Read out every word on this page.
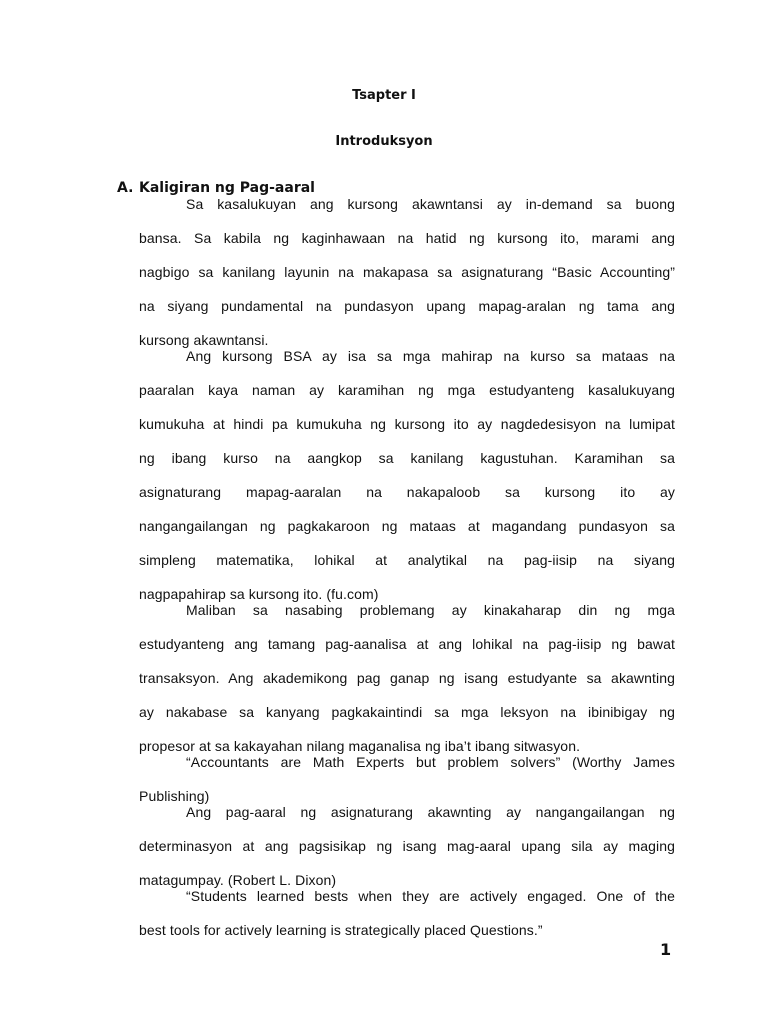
Tsapter I
Introduksyon
A. Kaligiran ng Pag-aaral

Sa kasalukuyan ang kursong akawntansi ay in-demand sa buong
bansa. Sa kabila ng kaginhawaan na hatid ng kursong ito, marami ang
nagbigo sa kanilang layunin na makapasa sa asignaturang “Basic Accounting”
na siyang pundamental na pundasyon upang mapag-aralan ng tama ang
kursong akawntansi.

Ang kursong BSA ay isa sa mga mahirap na kurso sa mataas na
paaralan kaya naman ay karamihan ng mga estudyanteng kasalukuyang
kumukuha at hindi pa kumukuha ng kursong ito ay nagdedesisyon na lumipat
ng ibang kurso na aangkop sa kanilang kagustuhan. Karamihan sa
asignaturang mapag-aaralan na nakapaloob sa kursong ito ay
nangangailangan ng pagkakaroon ng mataas at magandang pundasyon sa
simpleng matematika, lohikal at analytikal na pag-iisip na siyang
nagpapahirap sa kursong ito. (fu.com)

Maliban sa nasabing problemang ay kinakaharap din ng mga
estudyanteng ang tamang pag-aanalisa at ang lohikal na pag-iisip ng bawat
transaksyon. Ang akademikong pag ganap ng isang estudyante sa akawnting
ay nakabase sa kanyang pagkakaintindi sa mga leksyon na ibinibigay ng
propesor at sa kakayahan nilang maganalisa ng iba’t ibang sitwasyon.

“Accountants are Math Experts but problem solvers” (Worthy James
Publishing)

Ang pag-aaral ng asignaturang akawnting ay nangangailangan ng
determinasyon at ang pagsisikap ng isang mag-aaral upang sila ay maging
matagumpay. (Robert L. Dixon)

“Students learned bests when they are actively engaged. One of the
best tools for actively learning is strategically placed Questions.”

1
